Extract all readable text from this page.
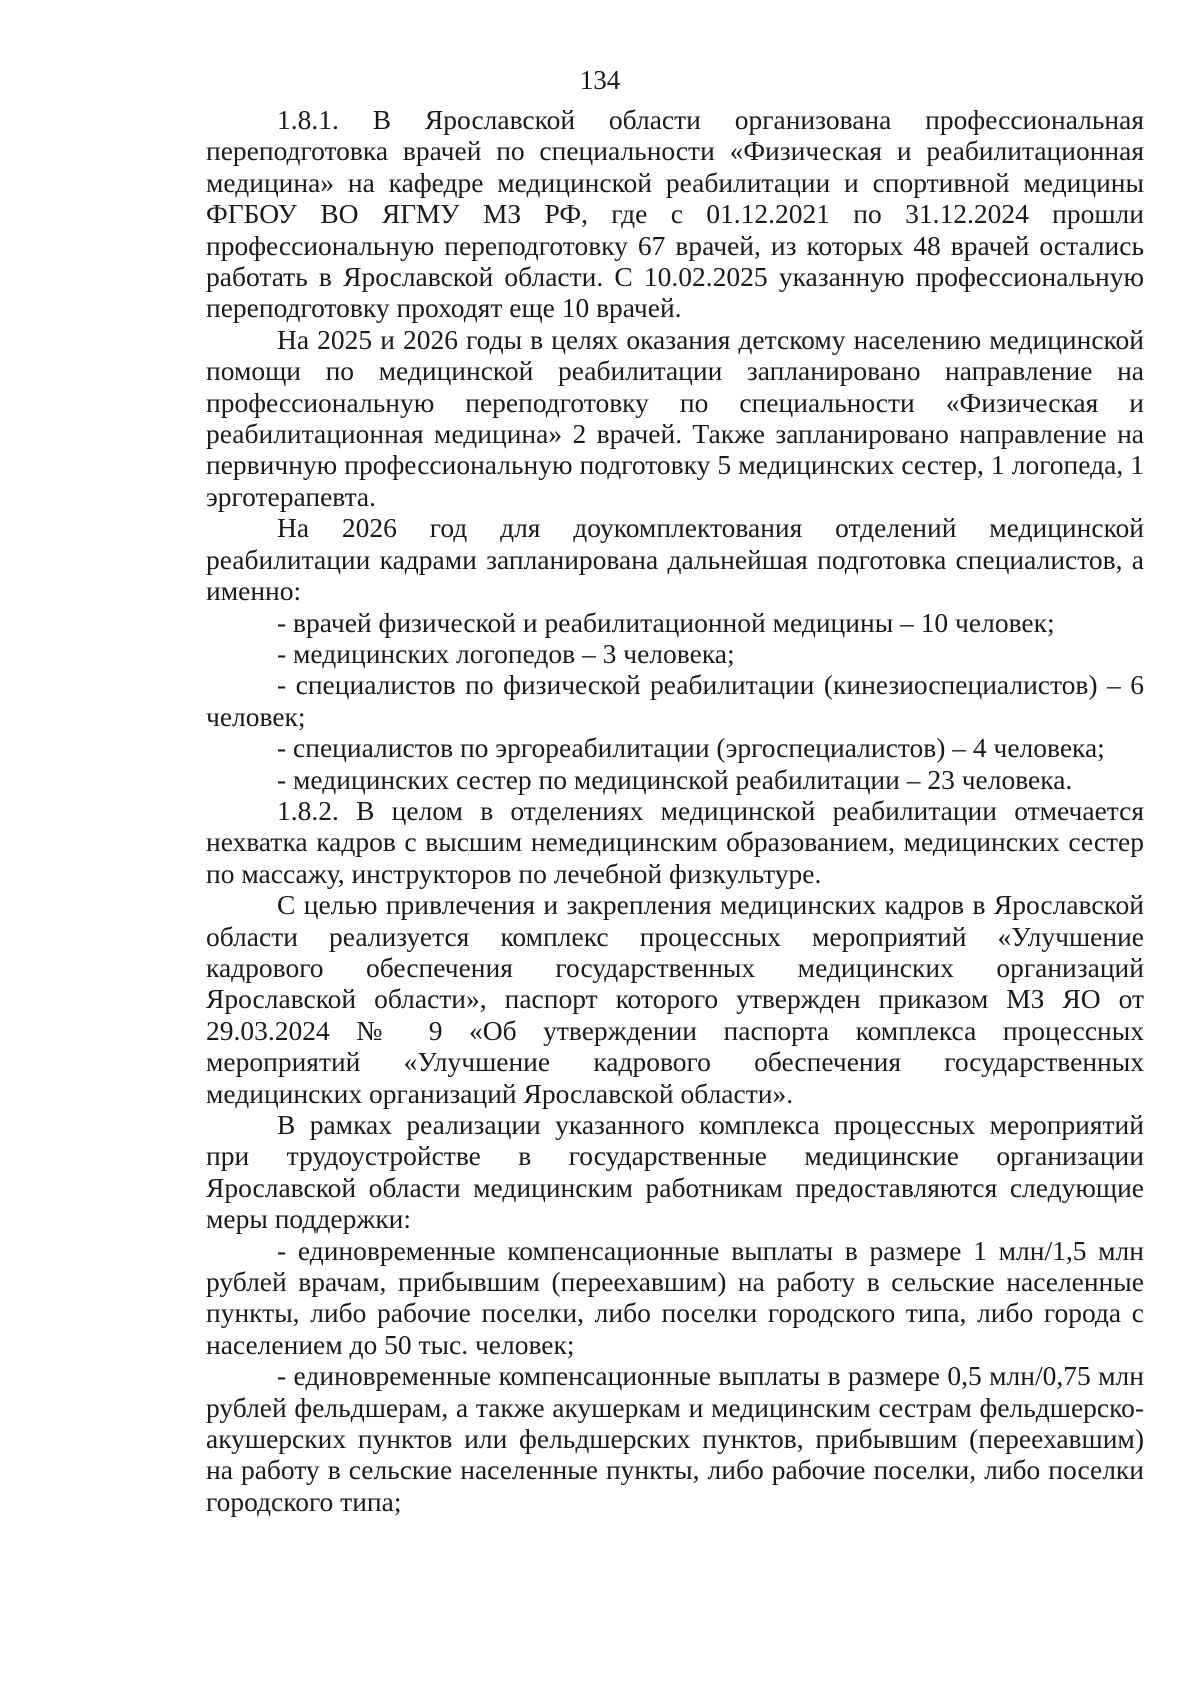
134

1.8.1. В Ярославской области организована профессиональная переподготовка врачей по специальности «Физическая и реабилитационная медицина» на кафедре медицинской реабилитации и спортивной медицины ФГБОУ ВО ЯГМУ МЗ РФ, где с 01.12.2021 по 31.12.2024 прошли профессиональную переподготовку 67 врачей, из которых 48 врачей остались работать в Ярославской области. С 10.02.2025 указанную профессиональную переподготовку проходят еще 10 врачей.

На 2025 и 2026 годы в целях оказания детскому населению медицинской помощи по медицинской реабилитации запланировано направление на профессиональную переподготовку по специальности «Физическая и реабилитационная медицина» 2 врачей. Также запланировано направление на первичную профессиональную подготовку 5 медицинских сестер, 1 логопеда, 1 эрготерапевта.

На 2026 год для доукомплектования отделений медицинской реабилитации кадрами запланирована дальнейшая подготовка специалистов, а именно:

- врачей физической и реабилитационной медицины – 10 человек;

- медицинских логопедов – 3 человека;

- специалистов по физической реабилитации (кинезиоспециалистов) – 6 человек;

- специалистов по эргореабилитации (эргоспециалистов) – 4 человека;

- медицинских сестер по медицинской реабилитации – 23 человека.

1.8.2. В целом в отделениях медицинской реабилитации отмечается нехватка кадров с высшим немедицинским образованием, медицинских сестер по массажу, инструкторов по лечебной физкультуре.

С целью привлечения и закрепления медицинских кадров в Ярославской области реализуется комплекс процессных мероприятий «Улучшение кадрового обеспечения государственных медицинских организаций Ярославской области», паспорт которого утвержден приказом МЗ ЯО от 29.03.2024 № 9 «Об утверждении паспорта комплекса процессных мероприятий «Улучшение кадрового обеспечения государственных медицинских организаций Ярославской области».

В рамках реализации указанного комплекса процессных мероприятий при трудоустройстве в государственные медицинские организации Ярославской области медицинским работникам предоставляются следующие меры поддержки:

- единовременные компенсационные выплаты в размере 1 млн/1,5 млн рублей врачам, прибывшим (переехавшим) на работу в сельские населенные пункты, либо рабочие поселки, либо поселки городского типа, либо города с населением до 50 тыс. человек;

- единовременные компенсационные выплаты в размере 0,5 млн/0,75 млн рублей фельдшерам, а также акушеркам и медицинским сестрам фельдшерско-акушерских пунктов или фельдшерских пунктов, прибывшим (переехавшим) на работу в сельские населенные пункты, либо рабочие поселки, либо поселки городского типа;
